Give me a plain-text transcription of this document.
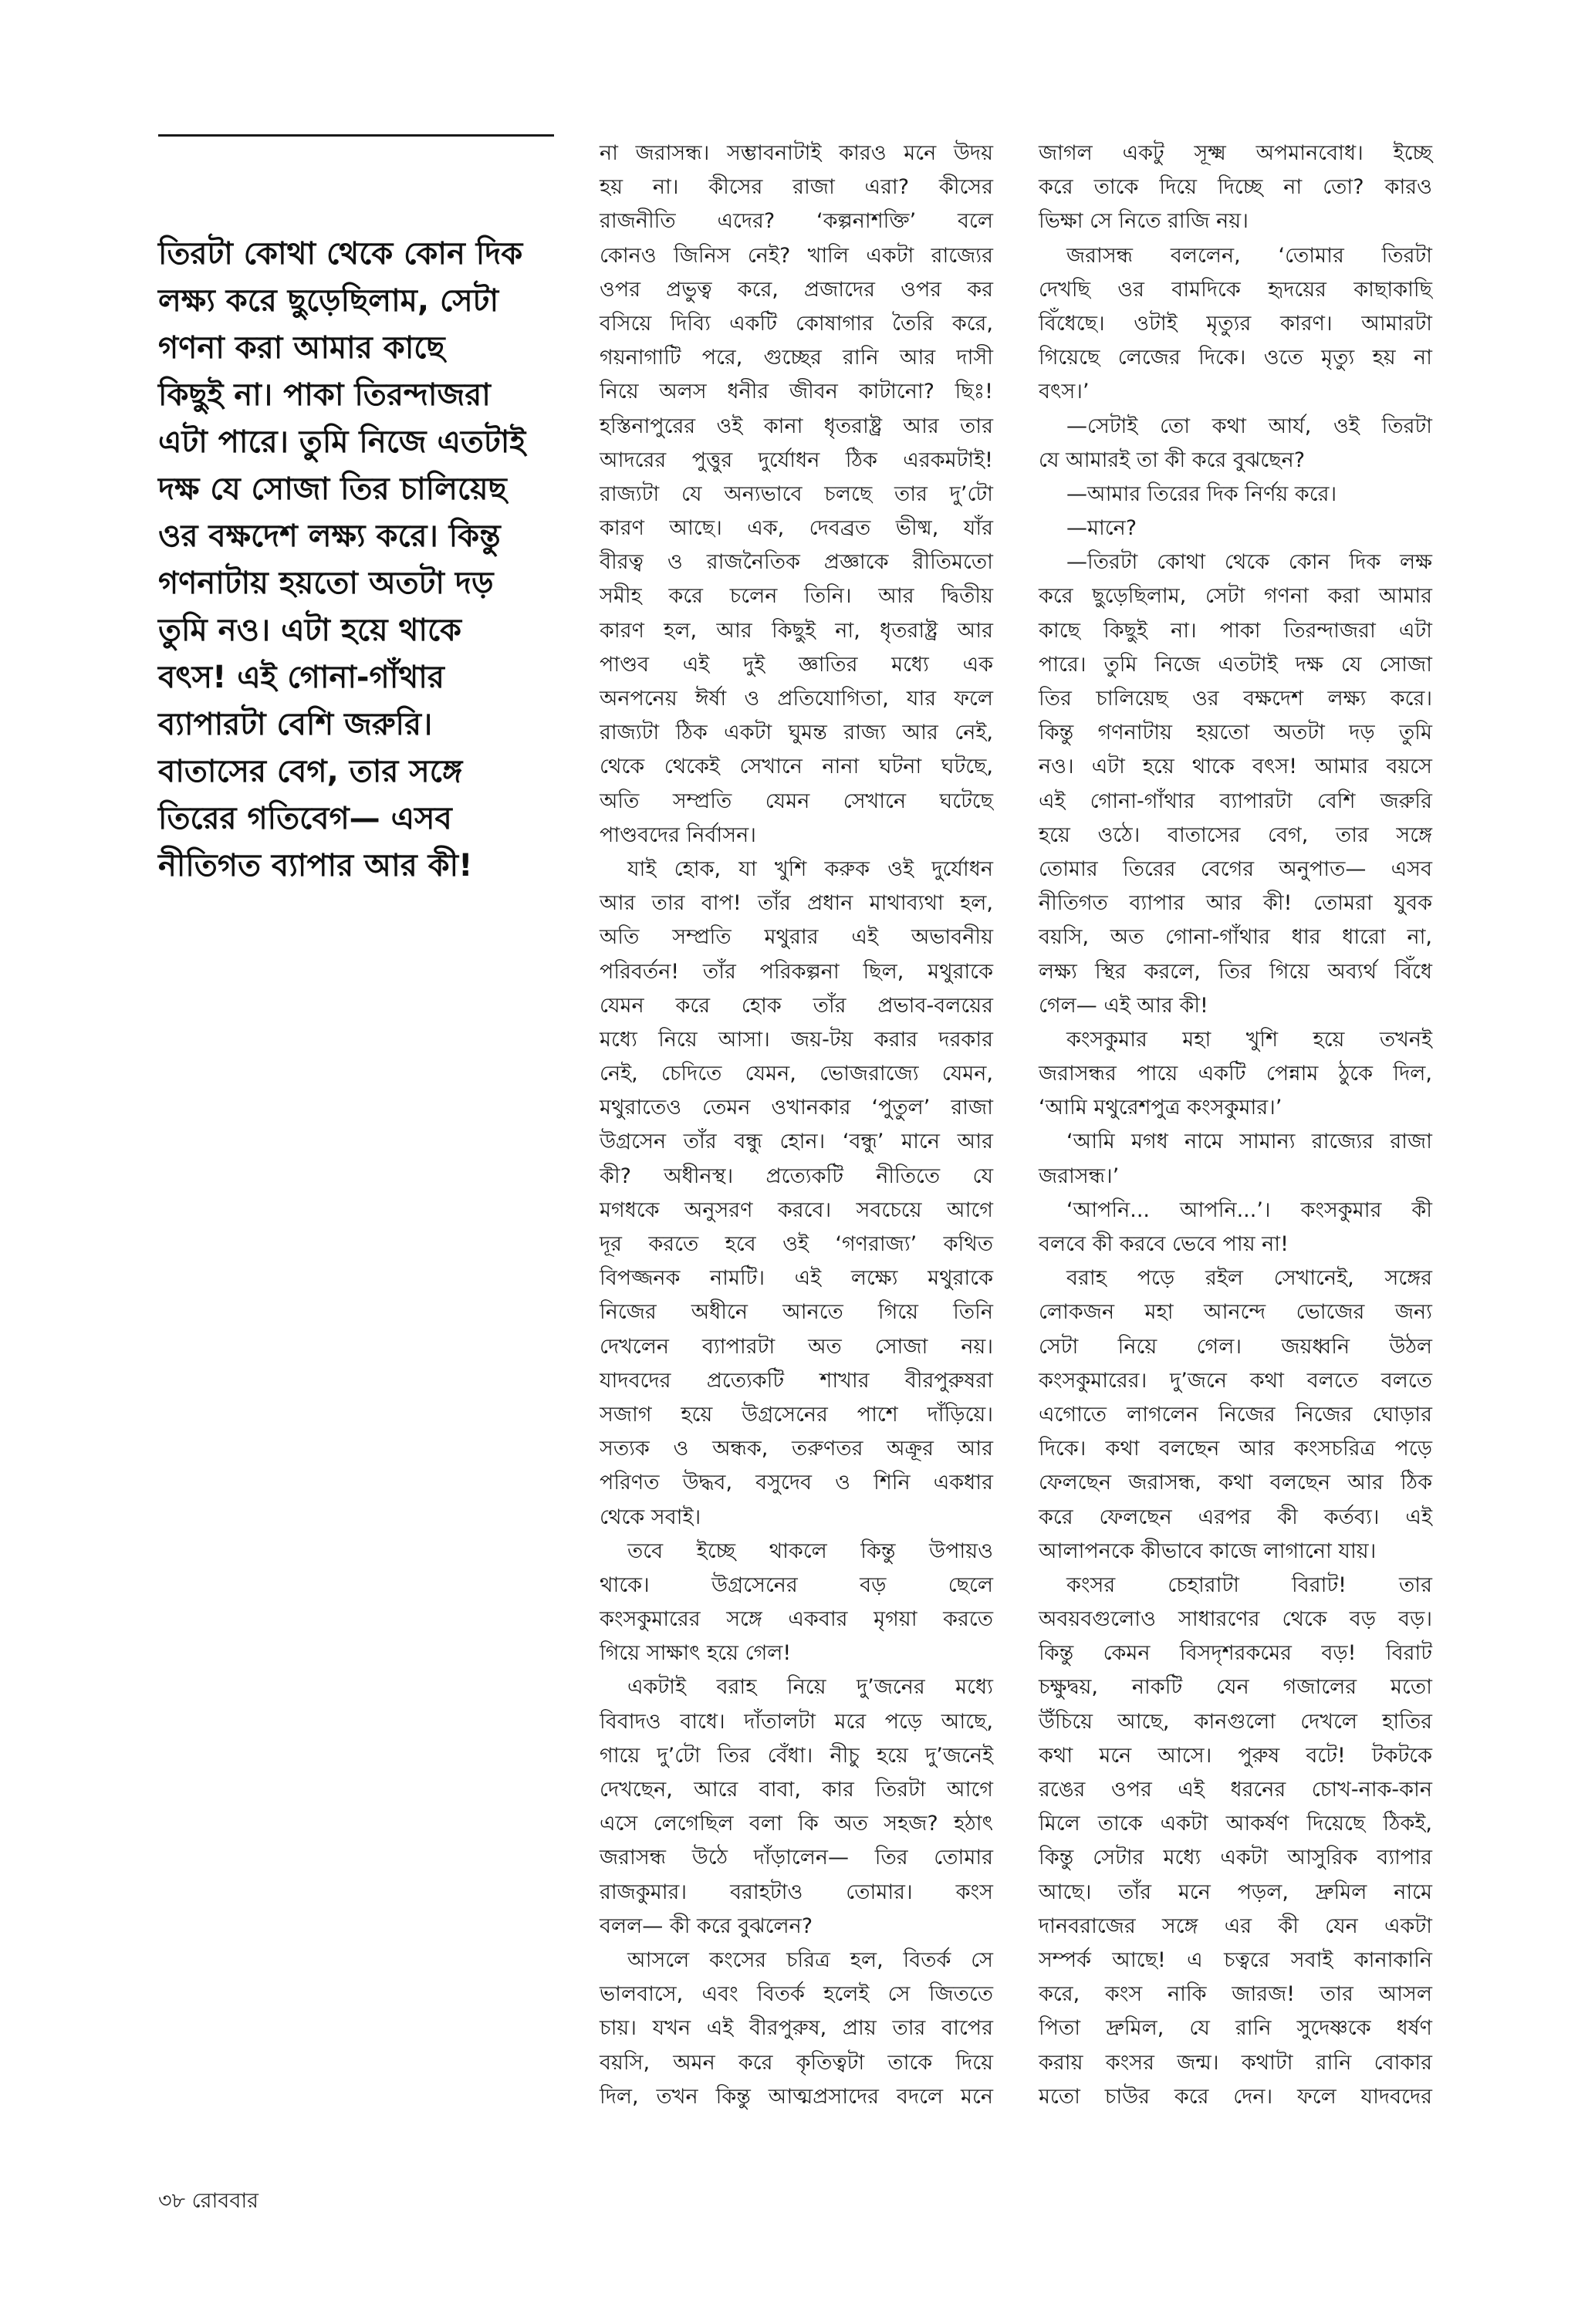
তিরটা কোথা থেকে কোন দিক
লক্ষ্য করে ছুড়েছিলাম, সেটা
গণনা করা আমার কাছে
কিছুই না। পাকা তিরন্দাজরা
এটা পারে। তুমি নিজে এতটাই
দক্ষ যে সোজা তির চালিয়েছ
ওর বক্ষদেশ লক্ষ্য করে। কিন্তু
গণনাটায় হয়তো অতটা দড়
তুমি নও। এটা হয়ে থাকে
বৎস! এই গোনা-গাঁথার
ব্যাপারটা বেশি জরুরি।
বাতাসের বেগ, তার সঙ্গে
তিরের গতিবেগ— এসব
নীতিগত ব্যাপার আর কী!
না জরাসন্ধ। সম্ভাবনাটাই কারও মনে উদয়
হয় না। কীসের রাজা এরা? কীসের
রাজনীতি এদের? ‘কল্পনাশক্তি’ বলে
কোনও জিনিস নেই? খালি একটা রাজ্যের
ওপর প্রভুত্ব করে, প্রজাদের ওপর কর
বসিয়ে দিব্যি একটি কোষাগার তৈরি করে,
গয়নাগাটি পরে, গুচ্ছের রানি আর দাসী
নিয়ে অলস ধনীর জীবন কাটানো? ছিঃ!
হস্তিনাপুরের ওই কানা ধৃতরাষ্ট্র আর তার
আদরের পুত্তুর দুর্যোধন ঠিক এরকমটাই!
রাজ্যটা যে অন্যভাবে চলছে তার দু’টো
কারণ আছে। এক, দেবব্রত ভীষ্ম, যাঁর
বীরত্ব ও রাজনৈতিক প্রজ্ঞাকে রীতিমতো
সমীহ করে চলেন তিনি। আর দ্বিতীয়
কারণ হল, আর কিছুই না, ধৃতরাষ্ট্র আর
পাণ্ডব এই দুই জ্ঞাতির মধ্যে এক
অনপনেয় ঈর্ষা ও প্রতিযোগিতা, যার ফলে
রাজ্যটা ঠিক একটা ঘুমন্ত রাজ্য আর নেই,
থেকে থেকেই সেখানে নানা ঘটনা ঘটছে,
অতি সম্প্রতি যেমন সেখানে ঘটেছে
পাণ্ডবদের নির্বাসন।
যাই হোক, যা খুশি করুক ওই দুর্যোধন
আর তার বাপ! তাঁর প্রধান মাথাব্যথা হল,
অতি সম্প্রতি মথুরার এই অভাবনীয়
পরিবর্তন! তাঁর পরিকল্পনা ছিল, মথুরাকে
যেমন করে হোক তাঁর প্রভাব-বলয়ের
মধ্যে নিয়ে আসা। জয়-টয় করার দরকার
নেই, চেদিতে যেমন, ভোজরাজ্যে যেমন,
মথুরাতেও তেমন ওখানকার ‘পুতুল’ রাজা
উগ্রসেন তাঁর বন্ধু হোন। ‘বন্ধু’ মানে আর
কী? অধীনস্থ। প্রত্যেকটি নীতিতে যে
মগধকে অনুসরণ করবে। সবচেয়ে আগে
দূর করতে হবে ওই ‘গণরাজ্য’ কথিত
বিপজ্জনক নামটি। এই লক্ষ্যে মথুরাকে
নিজের অধীনে আনতে গিয়ে তিনি
দেখলেন ব্যাপারটা অত সোজা নয়।
যাদবদের প্রত্যেকটি শাখার বীরপুরুষরা
সজাগ হয়ে উগ্রসেনের পাশে দাঁড়িয়ে।
সত্যক ও অন্ধক, তরুণতর অক্রূর আর
পরিণত উদ্ধব, বসুদেব ও শিনি একধার
থেকে সবাই।
তবে ইচ্ছে থাকলে কিন্তু উপায়ও
থাকে। উগ্রসেনের বড় ছেলে
কংসকুমারের সঙ্গে একবার মৃগয়া করতে
গিয়ে সাক্ষাৎ হয়ে গেল!
একটাই বরাহ নিয়ে দু’জনের মধ্যে
বিবাদও বাধে। দাঁতালটা মরে পড়ে আছে,
গায়ে দু’টো তির বেঁধা। নীচু হয়ে দু’জনেই
দেখছেন, আরে বাবা, কার তিরটা আগে
এসে লেগেছিল বলা কি অত সহজ? হঠাৎ
জরাসন্ধ উঠে দাঁড়ালেন— তির তোমার
রাজকুমার। বরাহটাও তোমার। কংস
বলল— কী করে বুঝলেন?
আসলে কংসের চরিত্র হল, বিতর্ক সে
ভালবাসে, এবং বিতর্ক হলেই সে জিততে
চায়। যখন এই বীরপুরুষ, প্রায় তার বাপের
বয়সি, অমন করে কৃতিত্বটা তাকে দিয়ে
দিল, তখন কিন্তু আত্মপ্রসাদের বদলে মনে
জাগল একটু সূক্ষ্ম অপমানবোধ। ইচ্ছে
করে তাকে দিয়ে দিচ্ছে না তো? কারও
ভিক্ষা সে নিতে রাজি নয়।
জরাসন্ধ বললেন, ‘তোমার তিরটা
দেখছি ওর বামদিকে হৃদয়ের কাছাকাছি
বিঁধেছে। ওটাই মৃত্যুর কারণ। আমারটা
গিয়েছে লেজের দিকে। ওতে মৃত্যু হয় না
বৎস।’
—সেটাই তো কথা আর্য, ওই তিরটা
যে আমারই তা কী করে বুঝছেন?
—আমার তিরের দিক নির্ণয় করে।
—মানে?
—তিরটা কোথা থেকে কোন দিক লক্ষ
করে ছুড়েছিলাম, সেটা গণনা করা আমার
কাছে কিছুই না। পাকা তিরন্দাজরা এটা
পারে। তুমি নিজে এতটাই দক্ষ যে সোজা
তির চালিয়েছ ওর বক্ষদেশ লক্ষ্য করে।
কিন্তু গণনাটায় হয়তো অতটা দড় তুমি
নও। এটা হয়ে থাকে বৎস! আমার বয়সে
এই গোনা-গাঁথার ব্যাপারটা বেশি জরুরি
হয়ে ওঠে। বাতাসের বেগ, তার সঙ্গে
তোমার তিরের বেগের অনুপাত— এসব
নীতিগত ব্যাপার আর কী! তোমরা যুবক
বয়সি, অত গোনা-গাঁথার ধার ধারো না,
লক্ষ্য স্থির করলে, তির গিয়ে অব্যর্থ বিঁধে
গেল— এই আর কী!
কংসকুমার মহা খুশি হয়ে তখনই
জরাসন্ধর পায়ে একটি পেন্নাম ঠুকে দিল,
‘আমি মথুরেশপুত্র কংসকুমার।’
‘আমি মগধ নামে সামান্য রাজ্যের রাজা
জরাসন্ধ।’
‘আপনি... আপনি...’। কংসকুমার কী
বলবে কী করবে ভেবে পায় না!
বরাহ পড়ে রইল সেখানেই, সঙ্গের
লোকজন মহা আনন্দে ভোজের জন্য
সেটা নিয়ে গেল। জয়ধ্বনি উঠল
কংসকুমারের। দু’জনে কথা বলতে বলতে
এগোতে লাগলেন নিজের নিজের ঘোড়ার
দিকে। কথা বলছেন আর কংসচরিত্র পড়ে
ফেলছেন জরাসন্ধ, কথা বলছেন আর ঠিক
করে ফেলছেন এরপর কী কর্তব্য। এই
আলাপনকে কীভাবে কাজে লাগানো যায়।
কংসর চেহারাটা বিরাট! তার
অবয়বগুলোও সাধারণের থেকে বড় বড়।
কিন্তু কেমন বিসদৃশরকমের বড়! বিরাট
চক্ষুদ্বয়, নাকটি যেন গজালের মতো
উঁচিয়ে আছে, কানগুলো দেখলে হাতির
কথা মনে আসে। পুরুষ বটে! টকটকে
রঙের ওপর এই ধরনের চোখ-নাক-কান
মিলে তাকে একটা আকর্ষণ দিয়েছে ঠিকই,
কিন্তু সেটার মধ্যে একটা আসুরিক ব্যাপার
আছে। তাঁর মনে পড়ল, দ্রুমিল নামে
দানবরাজের সঙ্গে এর কী যেন একটা
সম্পর্ক আছে! এ চত্বরে সবাই কানাকানি
করে, কংস নাকি জারজ! তার আসল
পিতা দ্রুমিল, যে রানি সুদেষ্ণকে ধর্ষণ
করায় কংসর জন্ম। কথাটা রানি বোকার
মতো চাউর করে দেন। ফলে যাদবদের
৩৮ রোববার
